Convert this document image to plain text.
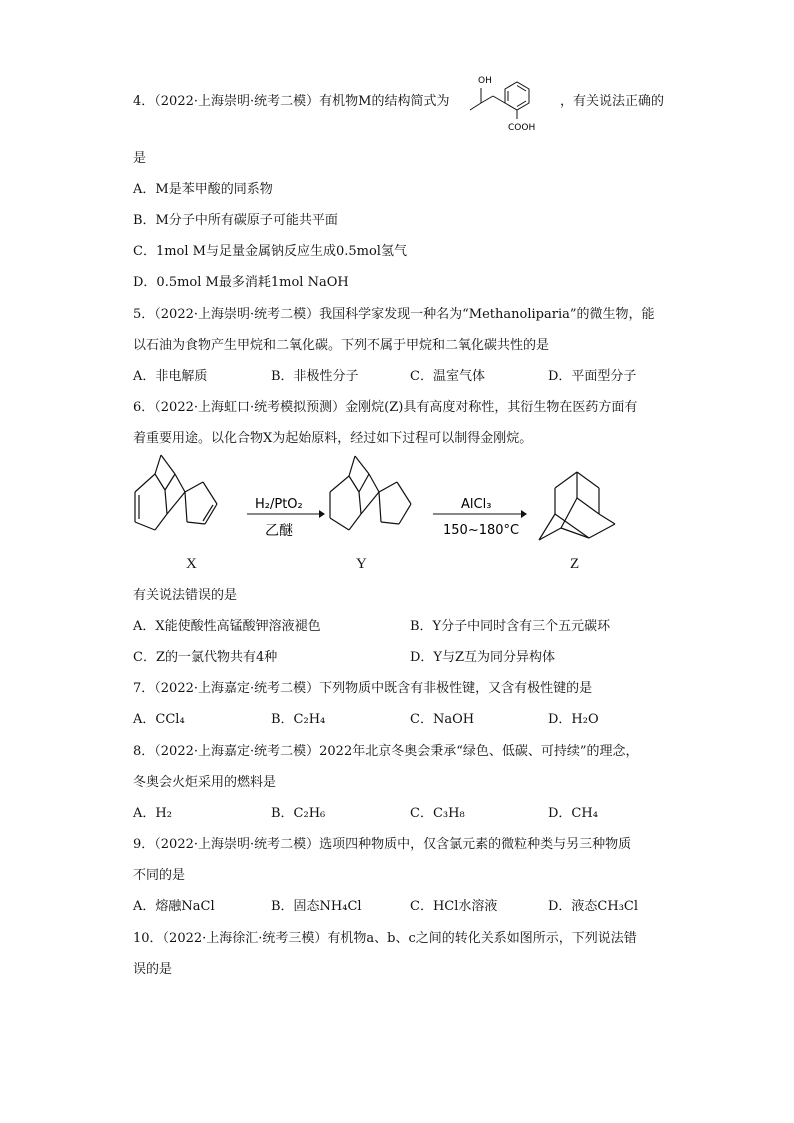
4．（2022·上海崇明·统考二模）有机物M的结构简式为
OH
COOH
，有关说法正确的
是
A．M是苯甲酸的同系物
B．M分子中所有碳原子可能共平面
C．1mol M与足量金属钠反应生成0.5mol氢气
D．0.5mol M最多消耗1mol NaOH
5．（2022·上海崇明·统考二模）我国科学家发现一种名为“Methanoliparia”的微生物，能
以石油为食物产生甲烷和二氧化碳。下列不属于甲烷和二氧化碳共性的是
A．非电解质	B．非极性分子	C．温室气体	D．平面型分子
6．（2022·上海虹口·统考模拟预测）金刚烷(Z)具有高度对称性，其衍生物在医药方面有
着重要用途。以化合物X为起始原料，经过如下过程可以制得金刚烷。
H₂/PtO₂
乙醚
AlCl₃
150~180°C
X	Y	Z
有关说法错误的是
A．X能使酸性高锰酸钾溶液褪色	B．Y分子中同时含有三个五元碳环
C．Z的一氯代物共有4种	D．Y与Z互为同分异构体
7．（2022·上海嘉定·统考二模）下列物质中既含有非极性键，又含有极性键的是
A．CCl₄	B．C₂H₄	C．NaOH	D．H₂O
8．（2022·上海嘉定·统考二模）2022年北京冬奥会秉承“绿色、低碳、可持续”的理念，
冬奥会火炬采用的燃料是
A．H₂	B．C₂H₆	C．C₃H₈	D．CH₄
9．（2022·上海崇明·统考二模）选项四种物质中，仅含氯元素的微粒种类与另三种物质
不同的是
A．熔融NaCl	B．固态NH₄Cl	C．HCl水溶液	D．液态CH₃Cl
10．（2022·上海徐汇·统考三模）有机物a、b、c之间的转化关系如图所示，下列说法错
误的是
